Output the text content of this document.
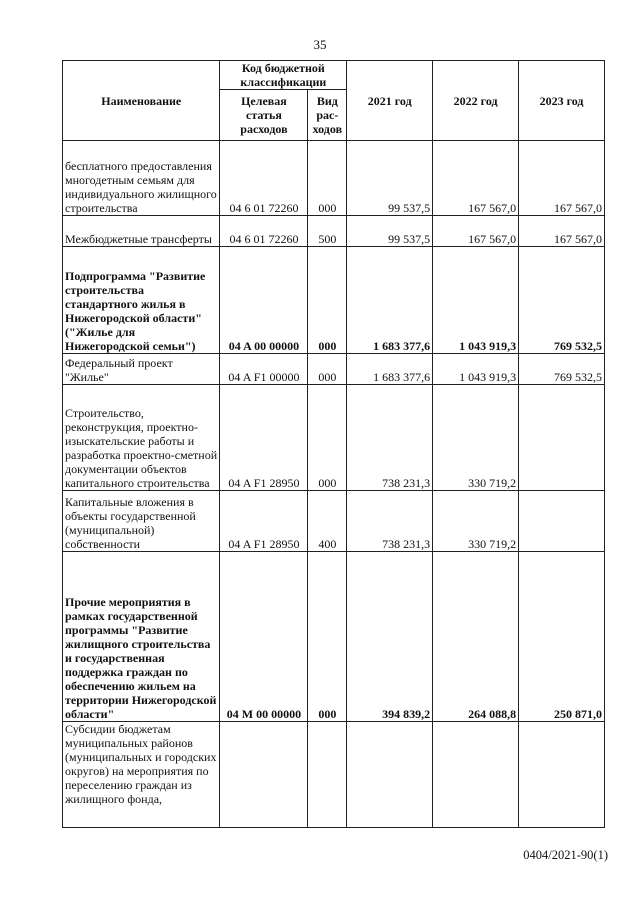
35
Наименование	Код бюджетной классификации		2021 год	2022 год	2023 год
	Целевая статья расходов	Вид рас- ходов			
бесплатного предоставления многодетным семьям для индивидуального жилищного строительства	04 6 01 72260	000	99 537,5	167 567,0	167 567,0
Межбюджетные трансферты	04 6 01 72260	500	99 537,5	167 567,0	167 567,0
Подпрограмма "Развитие строительства стандартного жилья в Нижегородской области" ("Жилье для Нижегородской семьи")	04 A 00 00000	000	1 683 377,6	1 043 919,3	769 532,5
Федеральный проект "Жилье"	04 A F1 00000	000	1 683 377,6	1 043 919,3	769 532,5
Строительство, реконструкция, проектно-изыскательские работы и разработка проектно-сметной документации объектов капитального строительства	04 A F1 28950	000	738 231,3	330 719,2	
Капитальные вложения в объекты государственной (муниципальной) собственности	04 A F1 28950	400	738 231,3	330 719,2	
Прочие мероприятия в рамках государственной программы "Развитие жилищного строительства и государственная поддержка граждан по обеспечению жильем на территории Нижегородской области"	04 M 00 00000	000	394 839,2	264 088,8	250 871,0
Субсидии бюджетам муниципальных районов (муниципальных и городских округов) на мероприятия по переселению граждан из жилищного фонда,					
0404/2021-90(1)
